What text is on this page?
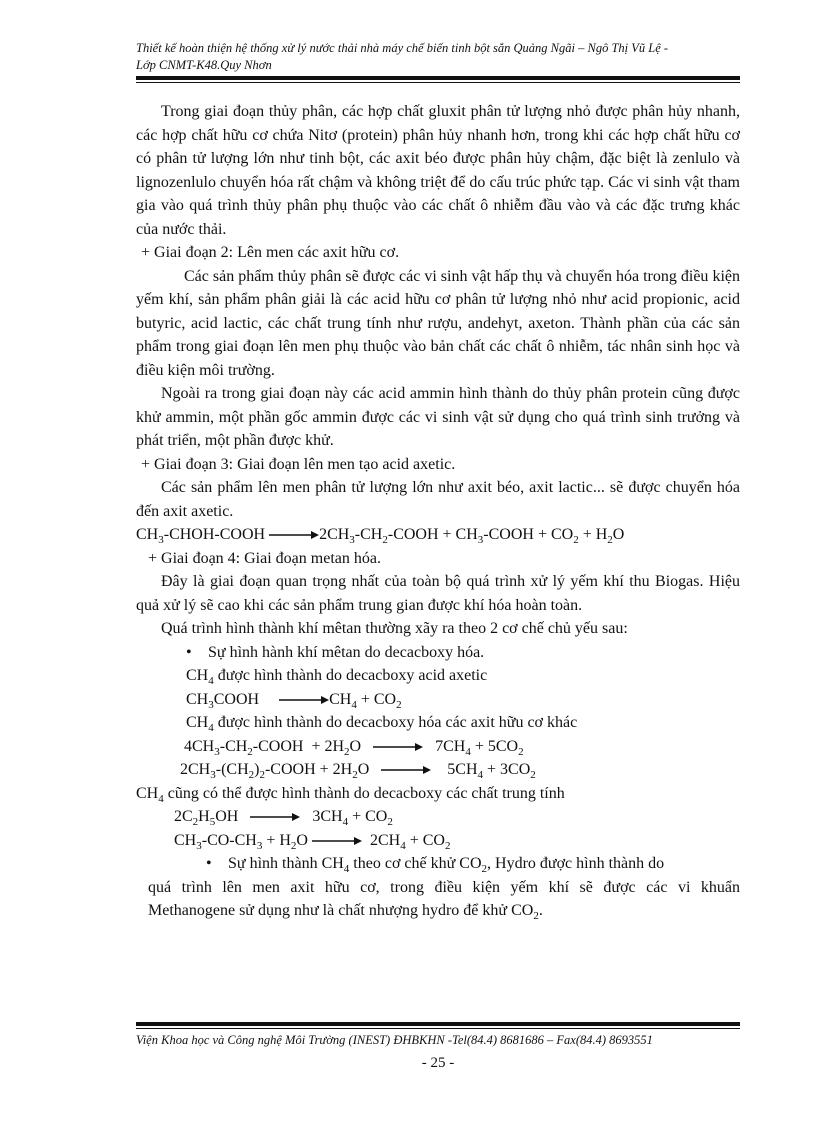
Thiết kế hoàn thiện hệ thống xử lý nước thải nhà máy chế biến tinh bột sắn Quảng Ngãi – Ngô Thị Vũ Lệ -
Lớp CNMT-K48.Quy Nhơn

Trong giai đoạn thủy phân, các hợp chất gluxit phân tử lượng nhỏ được phân hủy nhanh, các hợp chất hữu cơ chứa Nitơ (protein) phân hủy nhanh hơn, trong khi các hợp chất hữu cơ có phân tử lượng lớn như tinh bột, các axit béo được phân hủy chậm, đặc biệt là zenlulo và lignozenlulo chuyển hóa rất chậm và không triệt để do cấu trúc phức tạp. Các vi sinh vật tham gia vào quá trình thủy phân phụ thuộc vào các chất ô nhiễm đầu vào và các đặc trưng khác của nước thải.

+ Giai đoạn 2: Lên men các axit hữu cơ.

Các sản phẩm thủy phân sẽ được các vi sinh vật hấp thụ và chuyển hóa trong điều kiện yếm khí, sản phẩm phân giải là các acid hữu cơ phân tử lượng nhỏ như acid propionic, acid butyric, acid lactic, các chất trung tính như rượu, andehyt, axeton. Thành phần của các sản phẩm trong giai đoạn lên men phụ thuộc vào bản chất các chất ô nhiễm, tác nhân sinh học và điều kiện môi trường.

Ngoài ra trong giai đoạn này các acid ammin hình thành do thủy phân protein cũng được khử ammin, một phần gốc ammin được các vi sinh vật sử dụng cho quá trình sinh trưởng và phát triển, một phần được khử.

+ Giai đoạn 3: Giai đoạn lên men tạo acid axetic.

Các sản phẩm lên men phân tử lượng lớn như axit béo, axit lactic... sẽ được chuyển hóa đến axit axetic.

$CH_3-CHOH$-COOH $\to 2CH_3-CH_2$-COOH + $CH_3$-COOH + $CO_2 + H_2O$

+ Giai đoạn 4: Giai đoạn metan hóa.

Đây là giai đoạn quan trọng nhất của toàn bộ quá trình xử lý yếm khí thu Biogas. Hiệu quả xử lý sẽ cao khi các sản phẩm trung gian được khí hóa hoàn toàn.

Quá trình hình thành khí mêtan thường xãy ra theo 2 cơ chế chủ yếu sau:

• Sự hình hành khí mêtan do decacboxy hóa.

$CH_4$ được hình thành do decacboxy acid axetic

$CH_3COOH \to CH_4 + CO_2$

$CH_4$ được hình thành do decacboxy hóa các axit hữu cơ khác

$4CH_3-CH_2$-COOH  + $2H_2O \to 7CH_4 + 5CO_2$

$2CH_3-(CH_2)_2$-COOH + $2H_2O \to 5CH_4 + 3CO_2$

$CH_4$ cũng có thể được hình thành do decacboxy các chất trung tính

$2C_2H_5OH \to 3CH_4 + CO_2$

$CH_3-CO-CH_3 + H_2O \to 2CH_4 + CO_2$

• Sự hình thành $CH_4$ theo cơ chế khử $CO_2$, Hydro được hình thành do

quá trình lên men axit hữu cơ, trong điều kiện yếm khí sẽ được các vi khuẩn

Methanogene sử dụng như là chất nhượng hydro để khử $CO_2$.

Viện Khoa học và Công nghệ Môi Trường (INEST) ĐHBKHN -Tel(84.4) 8681686 – Fax(84.4) 8693551
- 25 -
